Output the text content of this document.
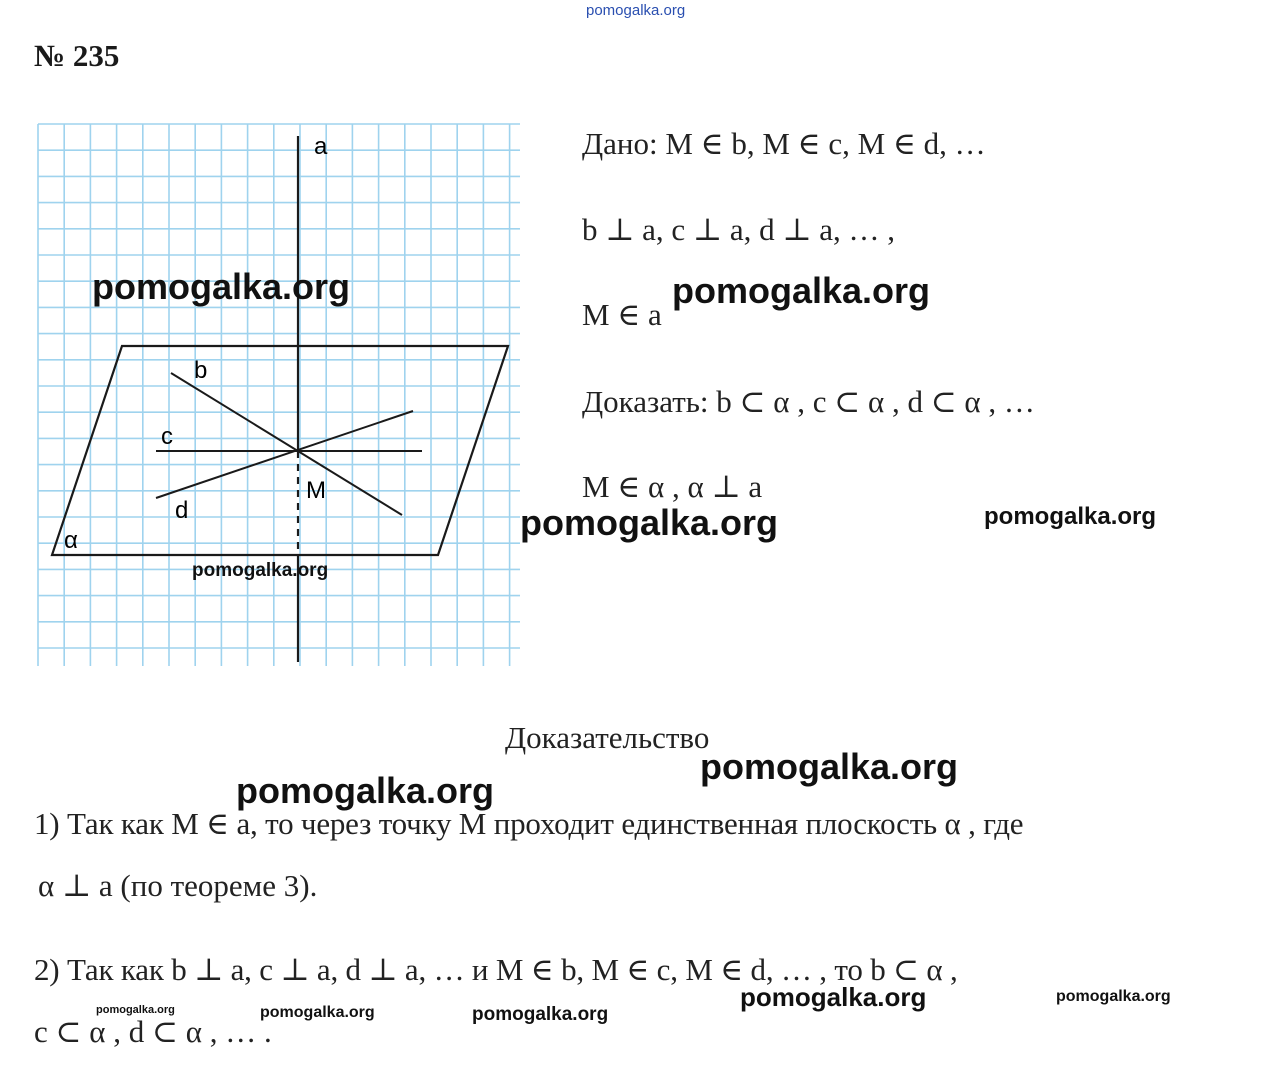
pomogalka.org
№ 235
a
b
c
d
M
α
Дано: M ∈ b, M ∈ c, M ∈ d, …
b ⊥ a, c ⊥ a, d ⊥ a, … ,
M ∈ a
Доказать: b ⊂ α , c ⊂ α , d ⊂ α , …
M ∈ α , α ⊥ a
Доказательство
1) Так как M ∈ a, то через точку M проходит единственная плоскость α , где
α ⊥ a (по теореме 3).
2) Так как b ⊥ a, c ⊥ a, d ⊥ a, … и M ∈ b, M ∈ c, M ∈ d, … , то b ⊂ α ,
c ⊂ α , d ⊂ α , … .
pomogalka.org	pomogalka.org
pomogalka.org	pomogalka.org
pomogalka.org
pomogalka.org
pomogalka.org
pomogalka.org	pomogalka.org
pomogalka.org	pomogalka.org	pomogalka.org
